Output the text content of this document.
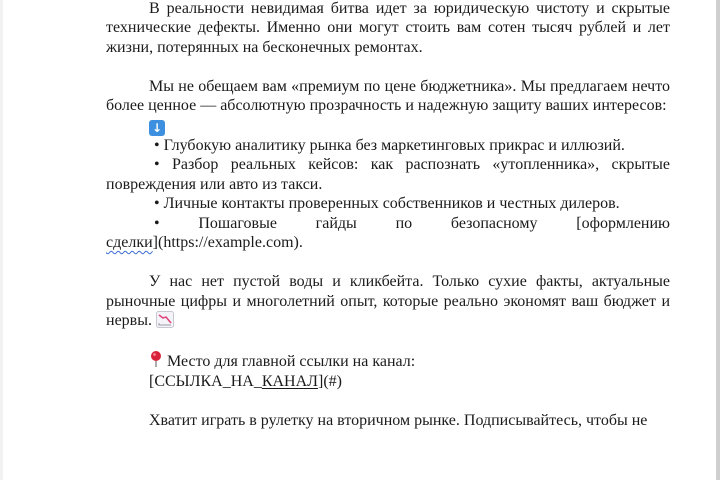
В реальности невидимая битва идет за юридическую чистоту и скрытые технические дефекты. Именно они могут стоить вам сотен тысяч рублей и лет жизни, потерянных на бесконечных ремонтах.

Мы не обещаем вам «премиум по цене бюджетника». Мы предлагаем нечто более ценное — абсолютную прозрачность и надежную защиту ваших интересов:

↓

• Глубокую аналитику рынка без маркетинговых прикрас и иллюзий.

• Разбор реальных кейсов: как распознать «утопленника», скрытые повреждения или авто из такси.

• Личные контакты проверенных собственников и честных дилеров.

• Пошаговые гайды по безопасному [оформлению

сделки](https://example.com).

У нас нет пустой воды и кликбейта. Только сухие факты, актуальные рыночные цифры и многолетний опыт, которые реально экономят ваш бюджет и нервы.

Место для главной ссылки на канал:

[ССЫЛКА_НА_КАНАЛ](#)

Хватит играть в рулетку на вторичном рынке. Подписывайтесь, чтобы не
